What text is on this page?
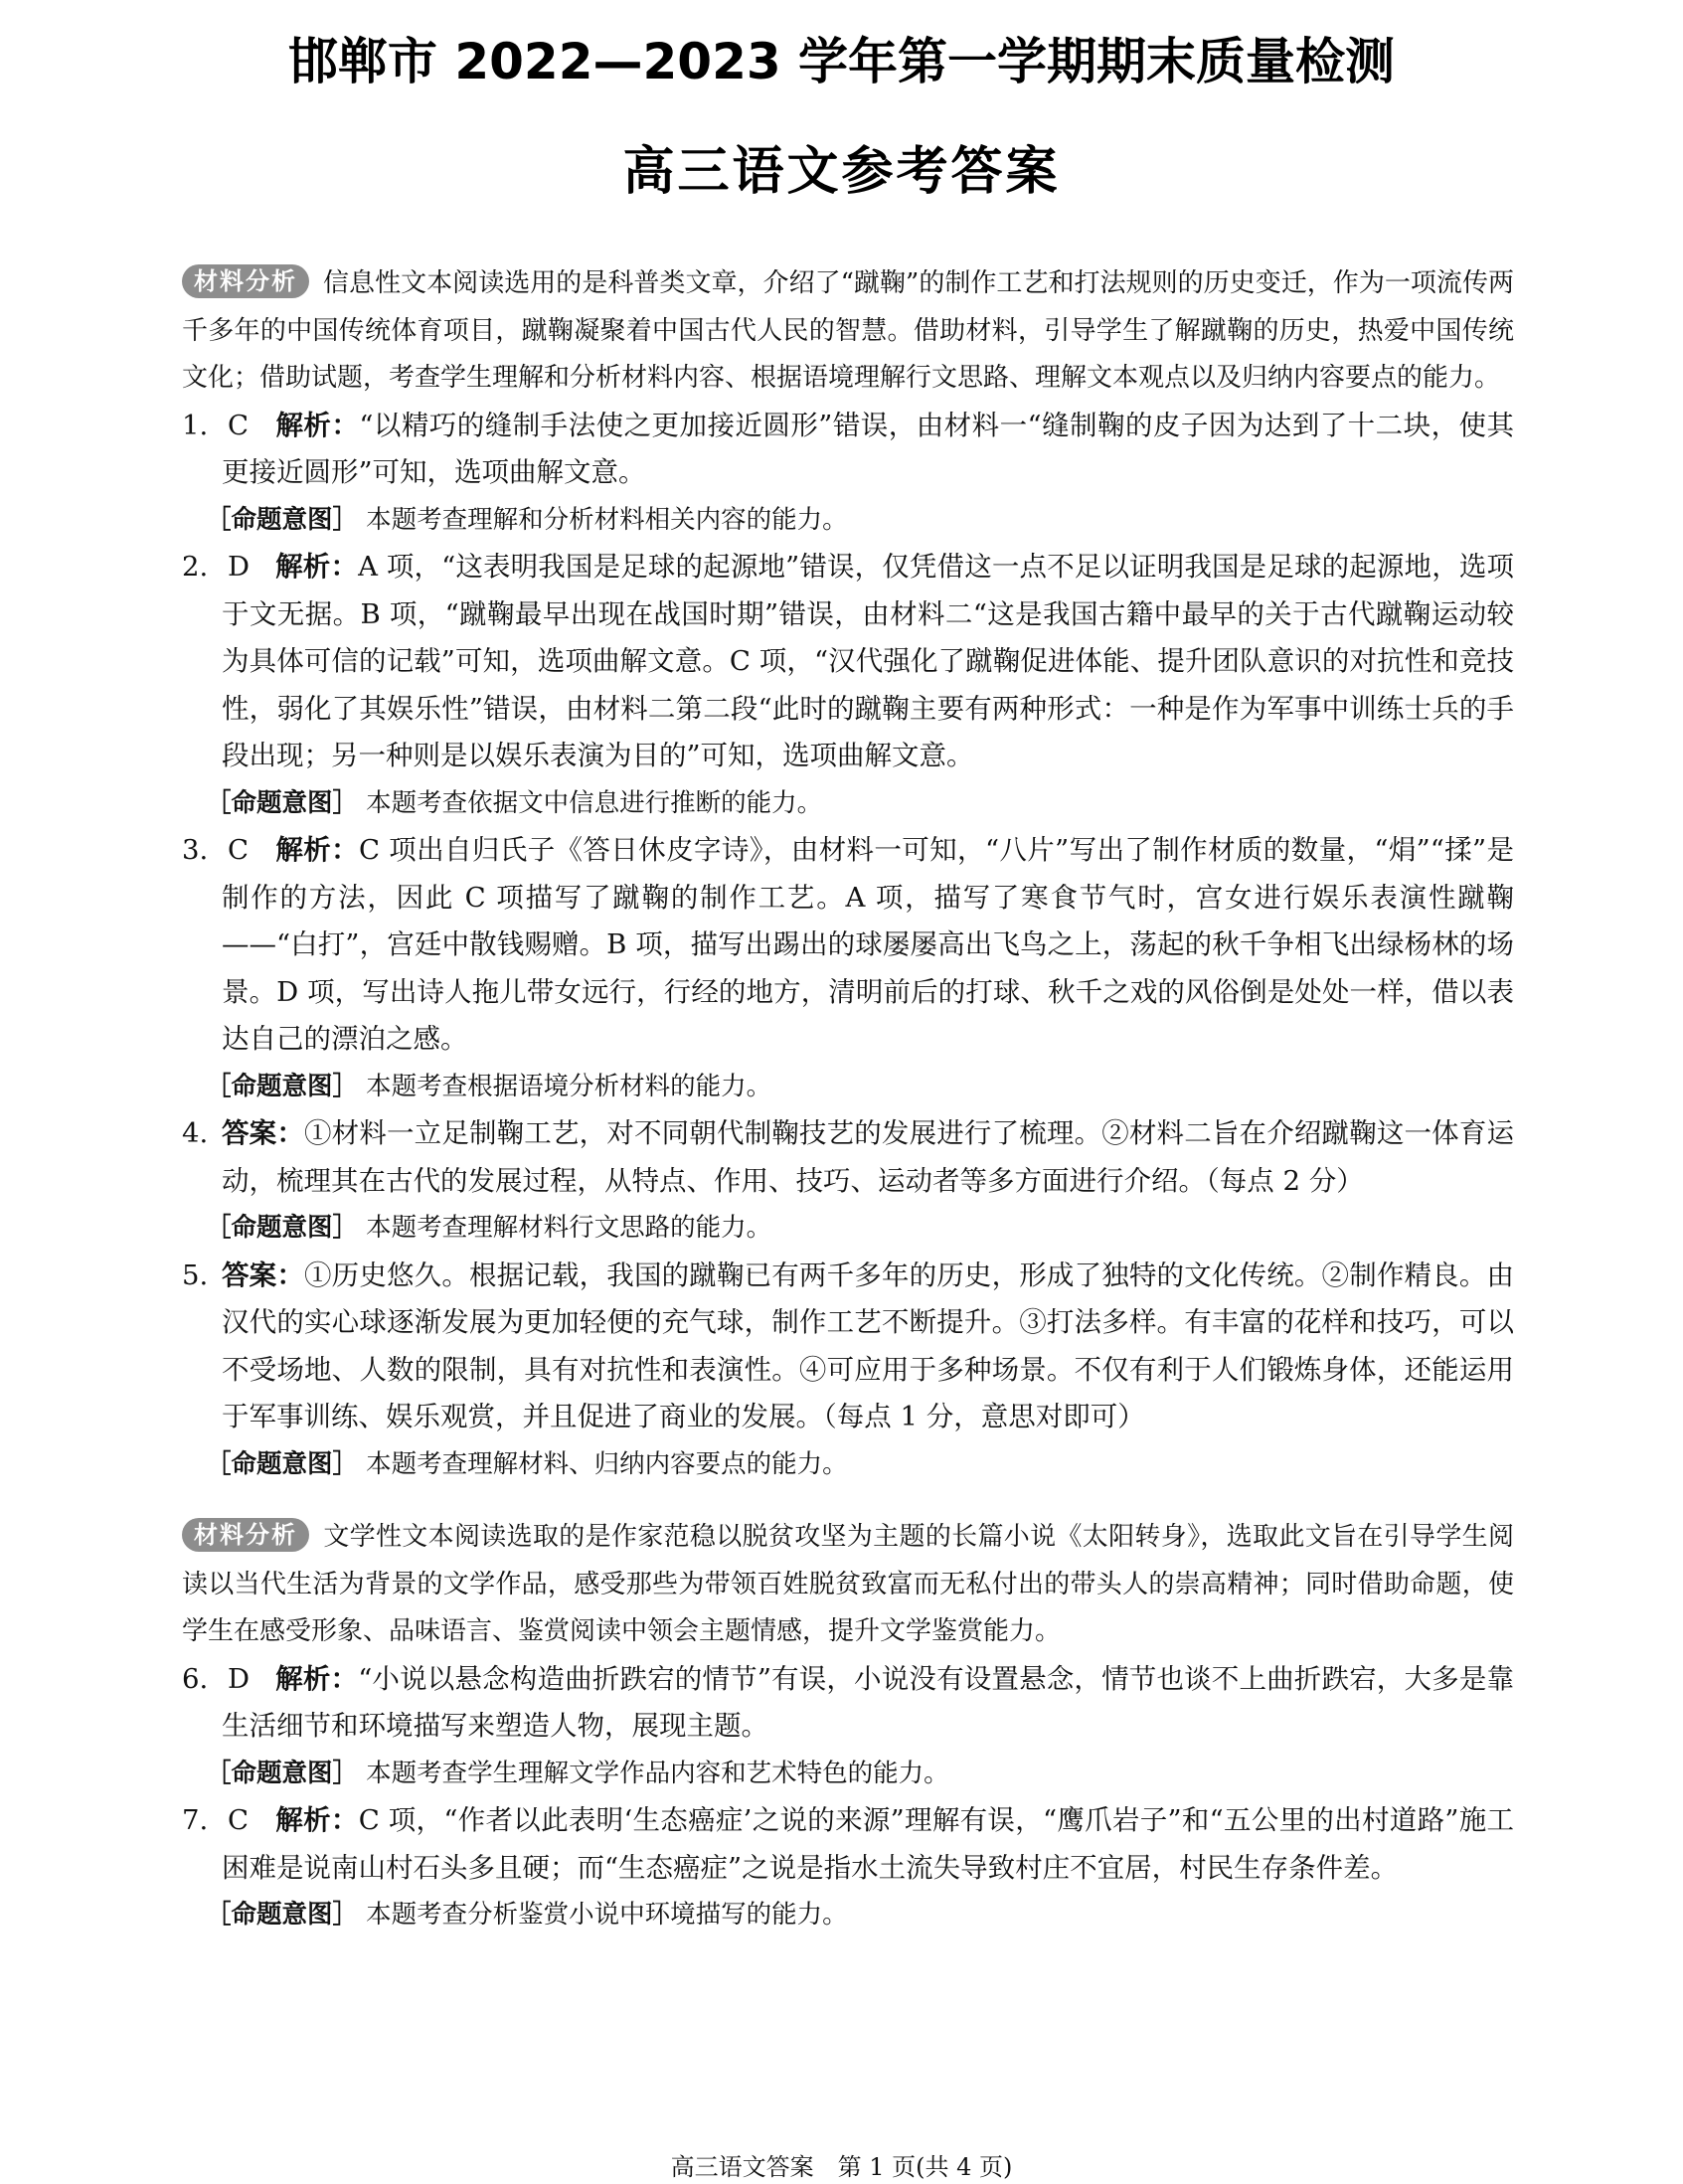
邯郸市 2022—2023 学年第一学期期末质量检测
高三语文参考答案
材料分析 信息性文本阅读选用的是科普类文章，介绍了“蹴鞠”的制作工艺和打法规则的历史变迁，作为一项流传两千多年的中国传统体育项目，蹴鞠凝聚着中国古代人民的智慧。借助材料，引导学生了解蹴鞠的历史，热爱中国传统文化；借助试题，考查学生理解和分析材料内容、根据语境理解行文思路、理解文本观点以及归纳内容要点的能力。
1. C 解析：“以精巧的缝制手法使之更加接近圆形”错误，由材料一“缝制鞠的皮子因为达到了十二块，使其更接近圆形”可知，选项曲解文意。
［命题意图］ 本题考查理解和分析材料相关内容的能力。
2. D 解析：A 项，“这表明我国是足球的起源地”错误，仅凭借这一点不足以证明我国是足球的起源地，选项于文无据。B 项，“蹴鞠最早出现在战国时期”错误，由材料二“这是我国古籍中最早的关于古代蹴鞠运动较为具体可信的记载”可知，选项曲解文意。C 项，“汉代强化了蹴鞠促进体能、提升团队意识的对抗性和竞技性，弱化了其娱乐性”错误，由材料二第二段“此时的蹴鞠主要有两种形式：一种是作为军事中训练士兵的手段出现；另一种则是以娱乐表演为目的”可知，选项曲解文意。
［命题意图］ 本题考查依据文中信息进行推断的能力。
3. C 解析：C 项出自归氏子《答日休皮字诗》，由材料一可知，“八片”写出了制作材质的数量，“焆”“揉”是制作的方法，因此 C 项描写了蹴鞠的制作工艺。A 项，描写了寒食节气时，宫女进行娱乐表演性蹴鞠——“白打”，宫廷中散钱赐赠。B 项，描写出踢出的球屡屡高出飞鸟之上，荡起的秋千争相飞出绿杨林的场景。D 项，写出诗人拖儿带女远行，行经的地方，清明前后的打球、秋千之戏的风俗倒是处处一样，借以表达自己的漂泊之感。
［命题意图］ 本题考查根据语境分析材料的能力。
4. 答案：①材料一立足制鞠工艺，对不同朝代制鞠技艺的发展进行了梳理。②材料二旨在介绍蹴鞠这一体育运动，梳理其在古代的发展过程，从特点、作用、技巧、运动者等多方面进行介绍。（每点 2 分）
［命题意图］ 本题考查理解材料行文思路的能力。
5. 答案：①历史悠久。根据记载，我国的蹴鞠已有两千多年的历史，形成了独特的文化传统。②制作精良。由汉代的实心球逐渐发展为更加轻便的充气球，制作工艺不断提升。③打法多样。有丰富的花样和技巧，可以不受场地、人数的限制，具有对抗性和表演性。④可应用于多种场景。不仅有利于人们锻炼身体，还能运用于军事训练、娱乐观赏，并且促进了商业的发展。（每点 1 分，意思对即可）
［命题意图］ 本题考查理解材料、归纳内容要点的能力。
材料分析 文学性文本阅读选取的是作家范稳以脱贫攻坚为主题的长篇小说《太阳转身》，选取此文旨在引导学生阅读以当代生活为背景的文学作品，感受那些为带领百姓脱贫致富而无私付出的带头人的崇高精神；同时借助命题，使学生在感受形象、品味语言、鉴赏阅读中领会主题情感，提升文学鉴赏能力。
6. D 解析：“小说以悬念构造曲折跌宕的情节”有误，小说没有设置悬念，情节也谈不上曲折跌宕，大多是靠生活细节和环境描写来塑造人物，展现主题。
［命题意图］ 本题考查学生理解文学作品内容和艺术特色的能力。
7. C 解析：C 项，“作者以此表明‘生态癌症’之说的来源”理解有误，“鹰爪岩子”和“五公里的出村道路”施工困难是说南山村石头多且硬；而“生态癌症”之说是指水土流失导致村庄不宜居，村民生存条件差。
［命题意图］ 本题考查分析鉴赏小说中环境描写的能力。
高三语文答案　第 1 页(共 4 页)
